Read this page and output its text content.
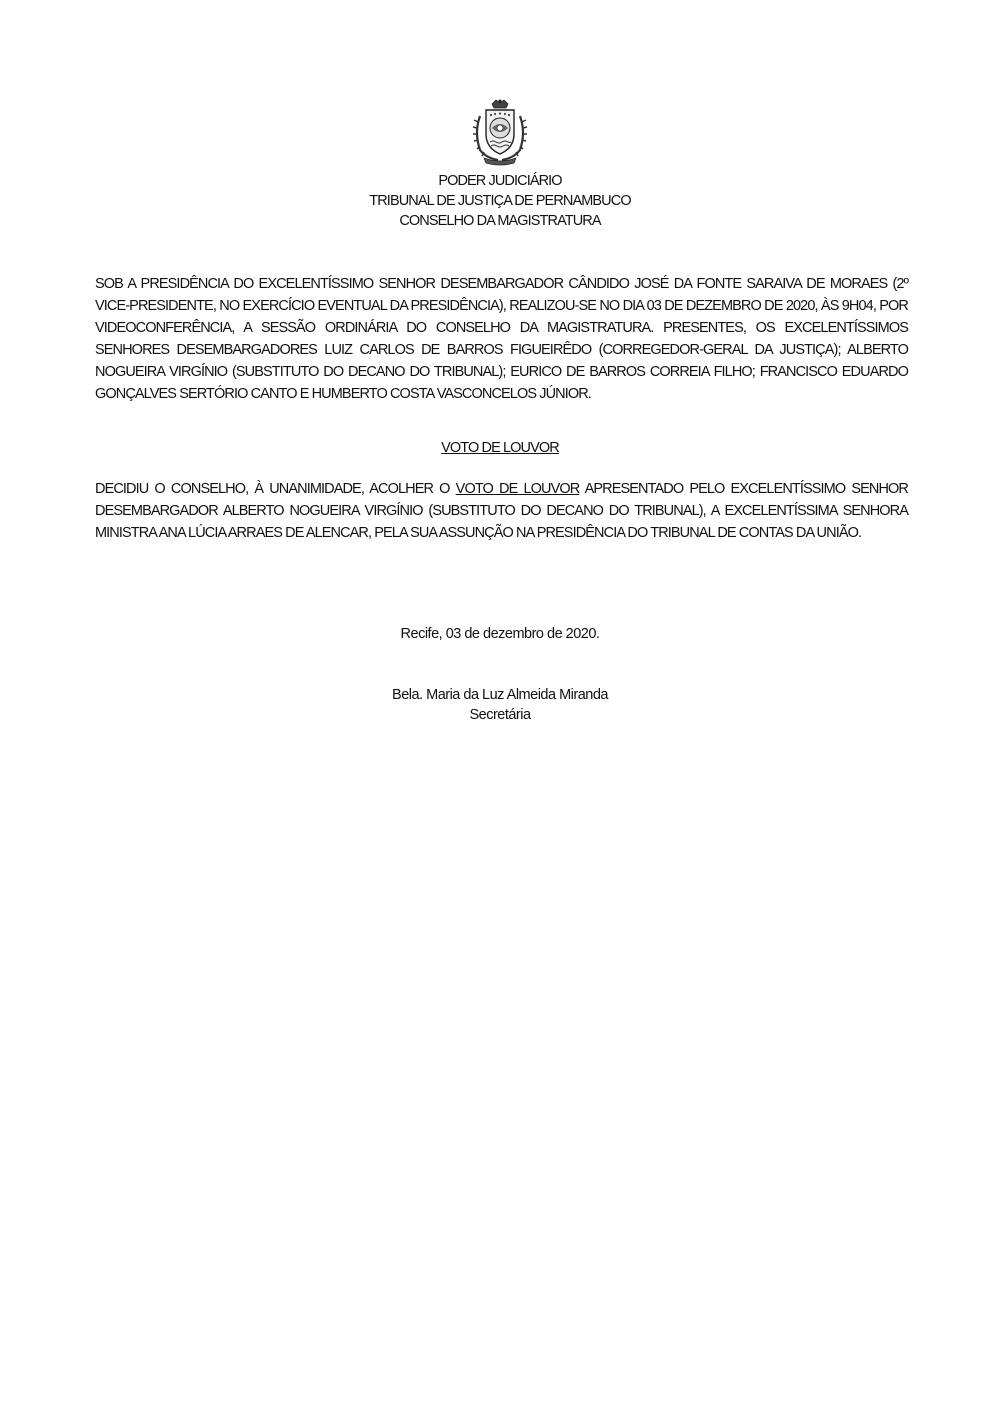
PODER JUDICIÁRIO
TRIBUNAL DE JUSTIÇA DE PERNAMBUCO
CONSELHO DA MAGISTRATURA
SOB A PRESIDÊNCIA DO EXCELENTÍSSIMO SENHOR DESEMBARGADOR CÂNDIDO JOSÉ DA FONTE SARAIVA DE MORAES (2º VICE-PRESIDENTE, NO EXERCÍCIO EVENTUAL DA PRESIDÊNCIA), REALIZOU-SE NO DIA 03 DE DEZEMBRO DE 2020, ÀS 9H04, POR VIDEOCONFERÊNCIA, A SESSÃO ORDINÁRIA DO CONSELHO DA MAGISTRATURA. PRESENTES, OS EXCELENTÍSSIMOS SENHORES DESEMBARGADORES LUIZ CARLOS DE BARROS FIGUEIRÊDO (CORREGEDOR-GERAL DA JUSTIÇA); ALBERTO NOGUEIRA VIRGÍNIO (SUBSTITUTO DO DECANO DO TRIBUNAL); EURICO DE BARROS CORREIA FILHO; FRANCISCO EDUARDO GONÇALVES SERTÓRIO CANTO E HUMBERTO COSTA VASCONCELOS JÚNIOR.
VOTO DE LOUVOR
DECIDIU O CONSELHO, À UNANIMIDADE, ACOLHER O VOTO DE LOUVOR APRESENTADO PELO EXCELENTÍSSIMO SENHOR DESEMBARGADOR ALBERTO NOGUEIRA VIRGÍNIO (SUBSTITUTO DO DECANO DO TRIBUNAL), A EXCELENTÍSSIMA SENHORA MINISTRA ANA LÚCIA ARRAES DE ALENCAR, PELA SUA ASSUNÇÃO NA PRESIDÊNCIA DO TRIBUNAL DE CONTAS DA UNIÃO.
Recife, 03 de dezembro de 2020.
Bela. Maria da Luz Almeida Miranda
Secretária
